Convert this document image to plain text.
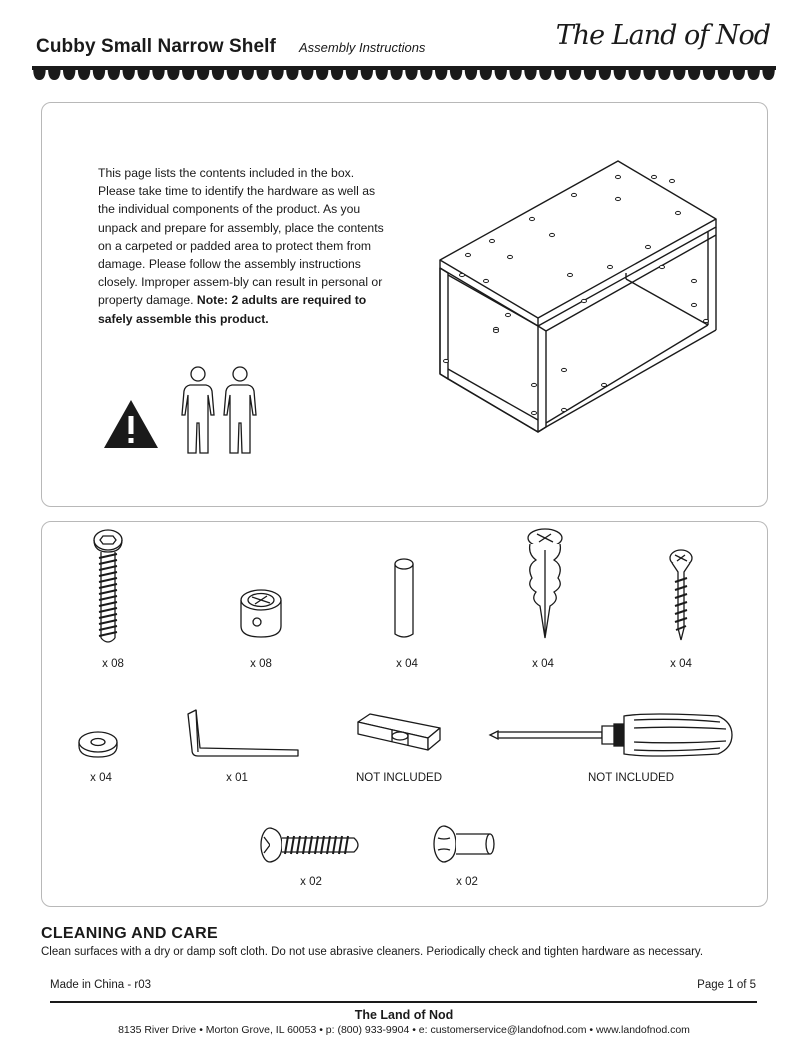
Cubby Small Narrow Shelf Assembly Instructions	The Land of Nod
This page lists the contents included in the box. Please take time to identify the hardware as well as the individual components of the product. As you unpack and prepare for assembly, place the contents on a carpeted or padded area to protect them from damage. Please follow the assembly instructions closely. Improper assem-bly can result in personal or property damage. Note: 2 adults are required to safely assemble this product.
x 08	x 08	x 04	x 04	x 04
x 04	x 01	NOT INCLUDED	NOT INCLUDED
x 02	x 02
CLEANING AND CARE
Clean surfaces with a dry or damp soft cloth. Do not use abrasive cleaners. Periodically check and tighten hardware as necessary.
Made in China - r03	Page 1 of 5
The Land of Nod
8135 River Drive • Morton Grove, IL 60053 • p: (800) 933-9904 • e: customerservice@landofnod.com • www.landofnod.com
